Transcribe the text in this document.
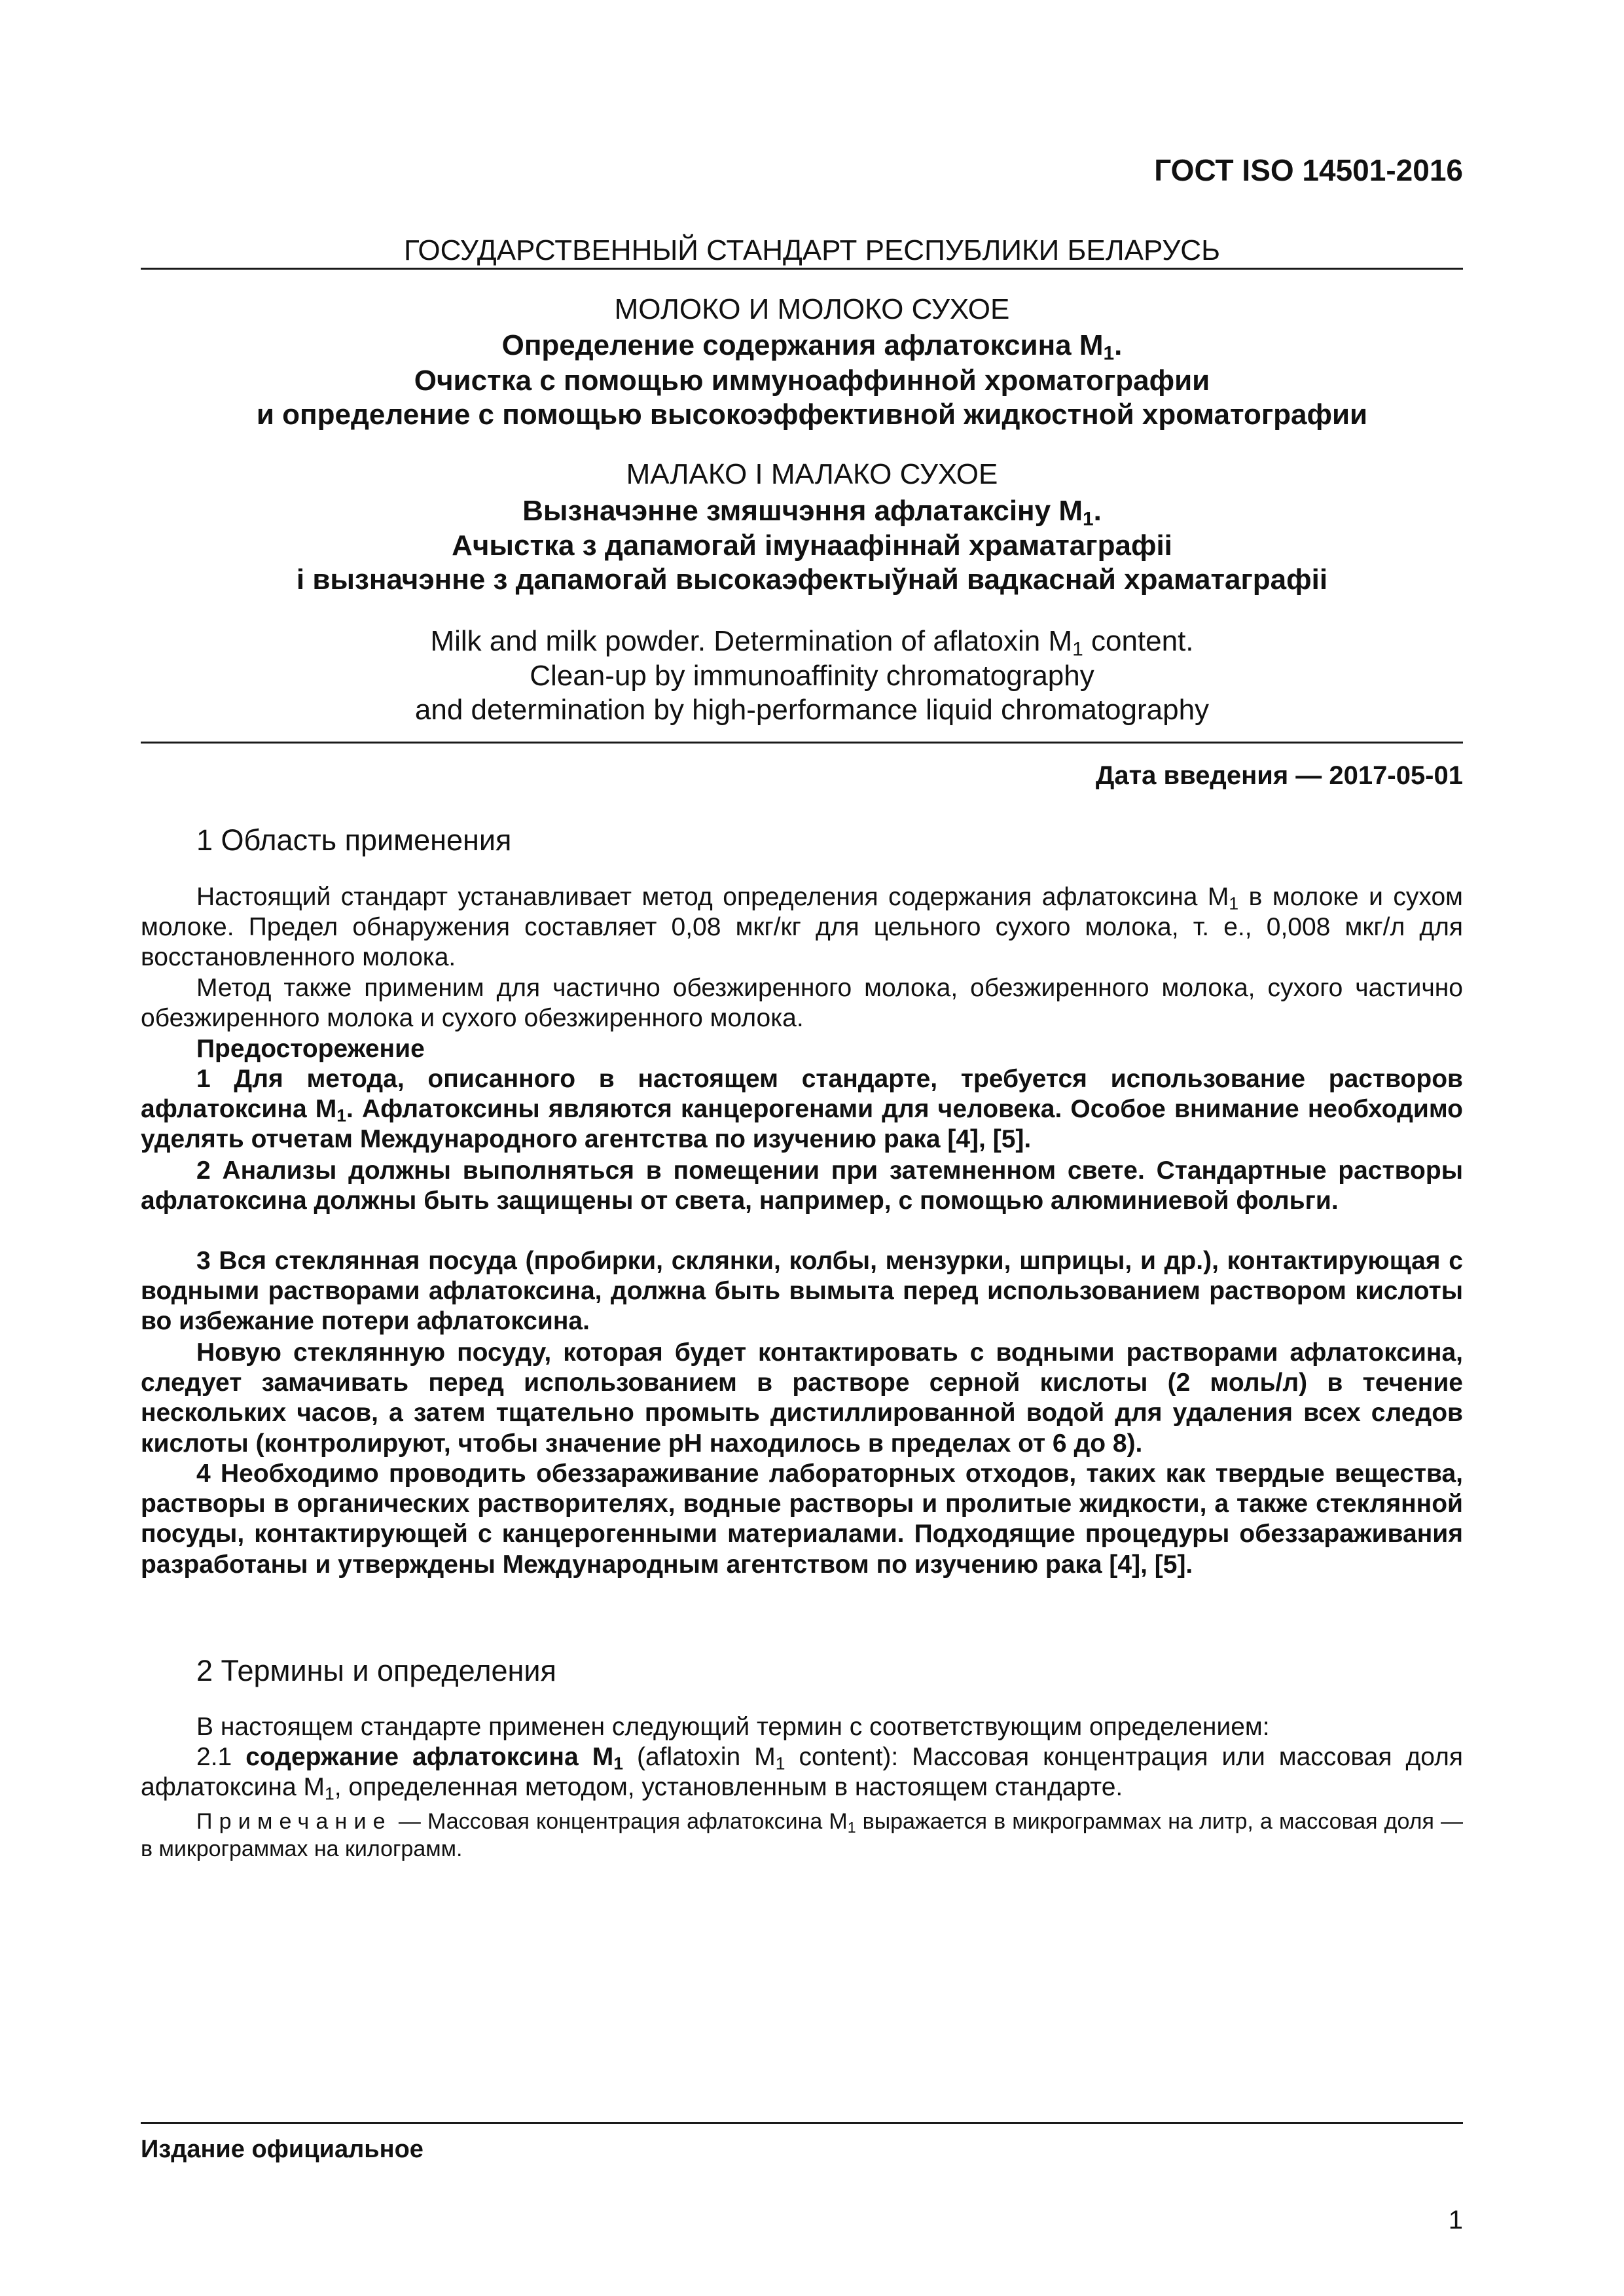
ГОСТ ISO 14501-2016
ГОСУДАРСТВЕННЫЙ СТАНДАРТ РЕСПУБЛИКИ БЕЛАРУСЬ
МОЛОКО И МОЛОКО СУХОЕ
Определение содержания афлатоксина $М_1$.
Очистка с помощью иммуноаффинной хроматографии
и определение с помощью высокоэффективной жидкостной хроматографии
МАЛАКО І МАЛАКО СУХОЕ
Вызначэнне змяшчэння афлатаксіну $М_1$.
Ачыстка з дапамогай імунаафіннай храматаграфіі
і вызначэнне з дапамогай высокаэфектыўнай вадкаснай храматаграфіі
Milk and milk powder. Determination of aflatoxin $M_1$ content.
Clean-up by immunoaffinity chromatography
and determination by high-performance liquid chromatography
Дата введения — 2017-05-01
1 Область применения

Настоящий стандарт устанавливает метод определения содержания афлатоксина $М_1$ в молоке и сухом молоке. Предел обнаружения составляет 0,08 мкг/кг для цельного сухого молока, т. е., 0,008 мкг/л для восстановленного молока.

Метод также применим для частично обезжиренного молока, обезжиренного молока, сухого частично обезжиренного молока и сухого обезжиренного молока.

Предосторежение

1 Для метода, описанного в настоящем стандарте, требуется использование растворов афлатоксина $М_1$. Афлатоксины являются канцерогенами для человека. Особое внимание необходимо уделять отчетам Международного агентства по изучению рака [4], [5].

2 Анализы должны выполняться в помещении при затемненном свете. Стандартные растворы афлатоксина должны быть защищены от света, например, с помощью алюминиевой фольги.

3 Вся стеклянная посуда (пробирки, склянки, колбы, мензурки, шприцы, и др.), контактирующая с водными растворами афлатоксина, должна быть вымыта перед использованием раствором кислоты во избежание потери афлатоксина.

Новую стеклянную посуду, которая будет контактировать с водными растворами афлатоксина, следует замачивать перед использованием в растворе серной кислоты (2 моль/л) в течение нескольких часов, а затем тщательно промыть дистиллированной водой для удаления всех следов кислоты (контролируют, чтобы значение pH находилось в пределах от 6 до 8).

4 Необходимо проводить обеззараживание лабораторных отходов, таких как твердые вещества, растворы в органических растворителях, водные растворы и пролитые жидкости, а также стеклянной посуды, контактирующей с канцерогенными материалами. Подходящие процедуры обеззараживания разработаны и утверждены Международным агентством по изучению рака [4], [5].

2 Термины и определения

В настоящем стандарте применен следующий термин с соответствующим определением:

2.1 содержание афлатоксина $М_1$ (aflatoxin $M_1$ content): Массовая концентрация или массовая доля афлатоксина $М_1$, определенная методом, установленным в настоящем стандарте.

Примечание — Массовая концентрация афлатоксина $М_1$ выражается в микрограммах на литр, а массовая доля — в микрограммах на килограмм.

Издание официальное
1
